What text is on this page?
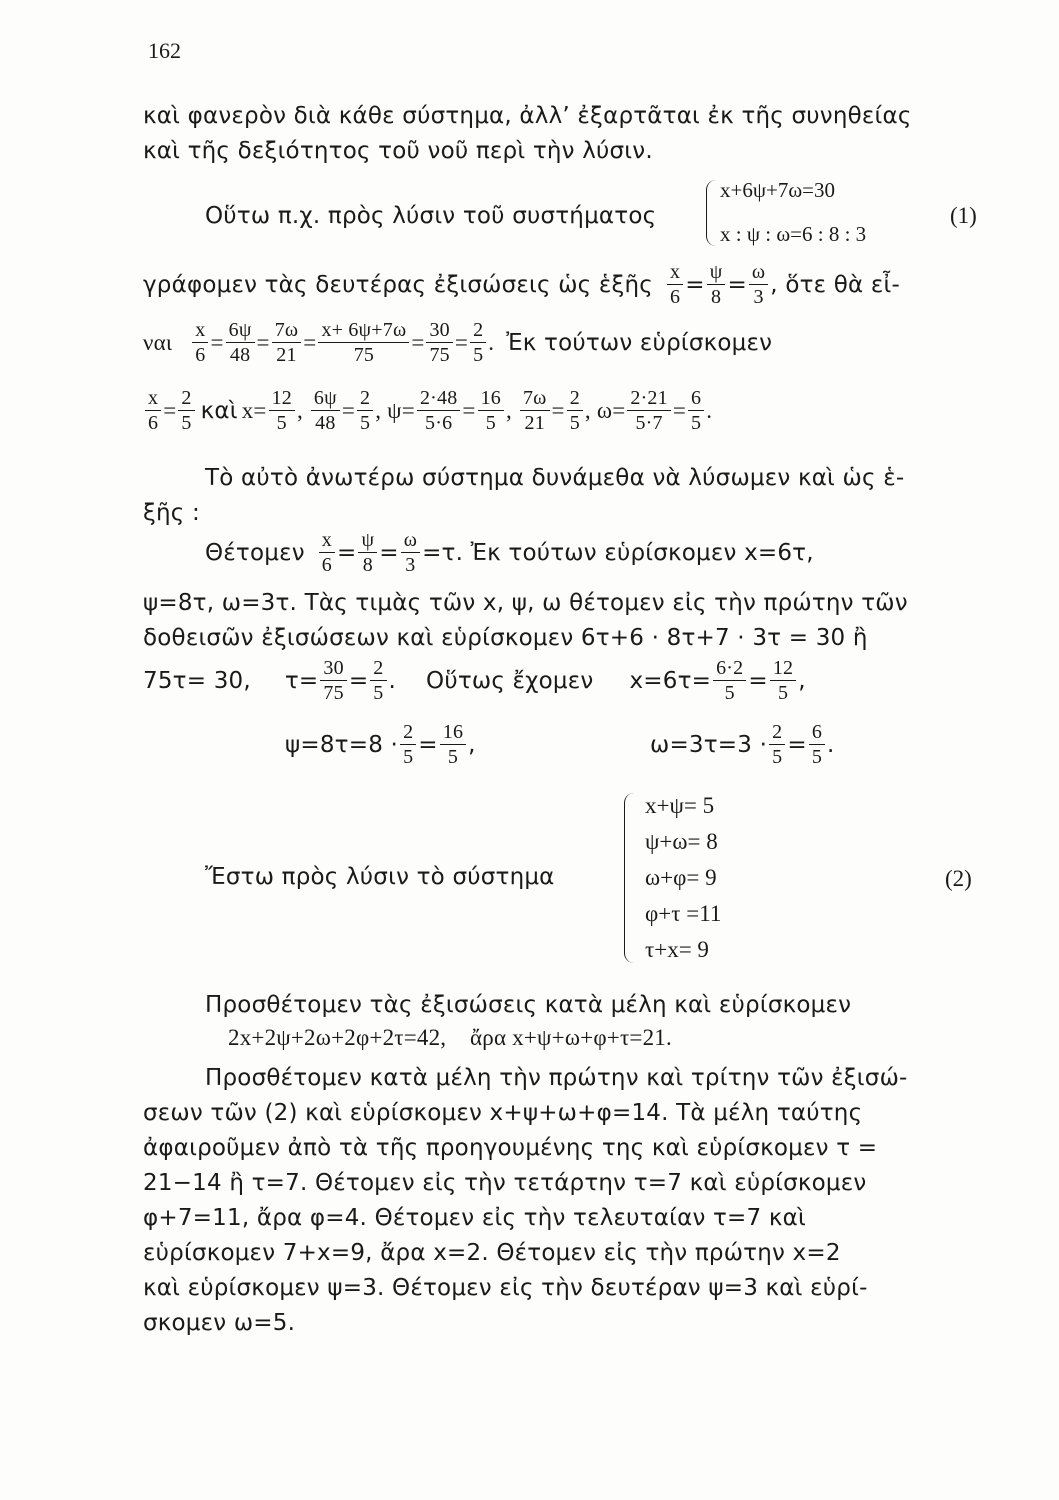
162
καὶ φανερὸν διὰ κάθε σύστημα, ἀλλ’ ἐξαρτᾶται ἐκ τῆς συνηθείας
καὶ τῆς δεξιότητος τοῦ νοῦ περὶ τὴν λύσιν.
Οὕτω π.χ. πρὸς λύσιν τοῦ συστήματος
x+6ψ+7ω=30
x : ψ : ω=6 : 8 : 3
(1)
γράφομεν τὰς δευτέρας ἐξισώσεις ὡς ἑξῆς $\frac{x}{6} = \frac{\psi}{8} = \frac{\omega}{3}$ , ὅτε θὰ εἶ-
ναι $\frac{x}{6} = \frac{6\psi}{48} = \frac{7\omega}{21} = \frac{x+ 6\psi+7\omega}{75} = \frac{30}{75} = \frac{2}{5}$ . Ἐκ τούτων εὑρίσκομεν
$\frac{x}{6} = \frac{2}{5}$ καὶ $x= \frac{12}{5}$ , $\frac{6\psi}{48} = \frac{2}{5}$ , $\psi= \frac{2\cdot 48}{5\cdot 6} = \frac{16}{5}$ , $\frac{7\omega}{21} = \frac{2}{5}$ , $\omega= \frac{2\cdot 21}{5\cdot 7} = \frac{6}{5}$ .
Τὸ αὐτὸ ἀνωτέρω σύστημα δυνάμεθα νὰ λύσωμεν καὶ ὡς ἑ-
ξῆς :
Θέτομεν $\frac{x}{6} = \frac{\psi}{8} = \frac{\omega}{3} =\tau$. Ἐκ τούτων εὑρίσκομεν x=6τ,
ψ=8τ, ω=3τ. Τὰς τιμὰς τῶν x, ψ, ω θέτομεν εἰς τὴν πρώτην τῶν
δοθεισῶν ἐξισώσεων καὶ εὑρίσκομεν 6τ+6 · 8τ+7 · 3τ = 30 ἢ
75τ= 30, $\tau= \frac{30}{75} = \frac{2}{5}$ . Οὕτως ἔχομεν $x=6\tau= \frac{6\cdot 2}{5} = \frac{12}{5}$ ,
$\psi=8\tau=8 \cdot \frac{2}{5} = \frac{16}{5}$ ,	$\omega=3\tau=3 \cdot \frac{2}{5} = \frac{6}{5}$ .
Ἔστω πρὸς λύσιν τὸ σύστημα
x+ψ= 5
ψ+ω= 8
ω+φ= 9
φ+τ =11
τ+x= 9
(2)
Προσθέτομεν τὰς ἐξισώσεις κατὰ μέλη καὶ εὑρίσκομεν
2x+2ψ+2ω+2φ+2τ=42,    ἄρα x+ψ+ω+φ+τ=21.
Προσθέτομεν κατὰ μέλη τὴν πρώτην καὶ τρίτην τῶν ἐξισώ-
σεων τῶν (2) καὶ εὑρίσκομεν x+ψ+ω+φ=14. Τὰ μέλη ταύτης
ἀφαιροῦμεν ἀπὸ τὰ τῆς προηγουμένης της καὶ εὑρίσκομεν τ =
21−14 ἢ τ=7. Θέτομεν εἰς τὴν τετάρτην τ=7 καὶ εὑρίσκομεν
φ+7=11, ἄρα φ=4. Θέτομεν εἰς τὴν τελευταίαν τ=7 καὶ
εὑρίσκομεν 7+x=9, ἄρα x=2. Θέτομεν εἰς τὴν πρώτην x=2
καὶ εὑρίσκομεν ψ=3. Θέτομεν εἰς τὴν δευτέραν ψ=3 καὶ εὑρί-
σκομεν ω=5.
